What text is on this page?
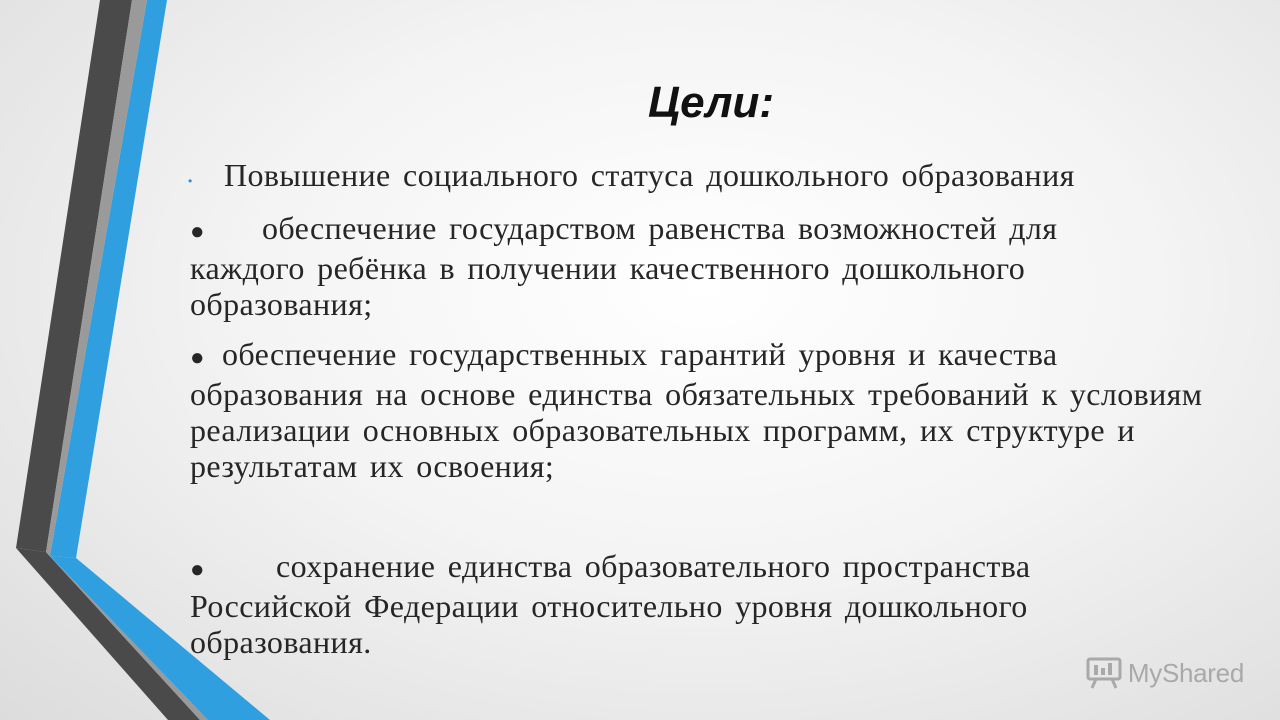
Цели:
• Повышение социального статуса дошкольного образования

● обеспечение государством равенства возможностей для каждого ребёнка в получении качественного дошкольного образования;

● обеспечение государственных гарантий уровня и качества образования на основе единства обязательных требований к условиям реализации основных образовательных программ, их структуре и результатам их освоения;

● сохранение единства образовательного пространства Российской Федерации относительно уровня дошкольного образования.

MyShared
